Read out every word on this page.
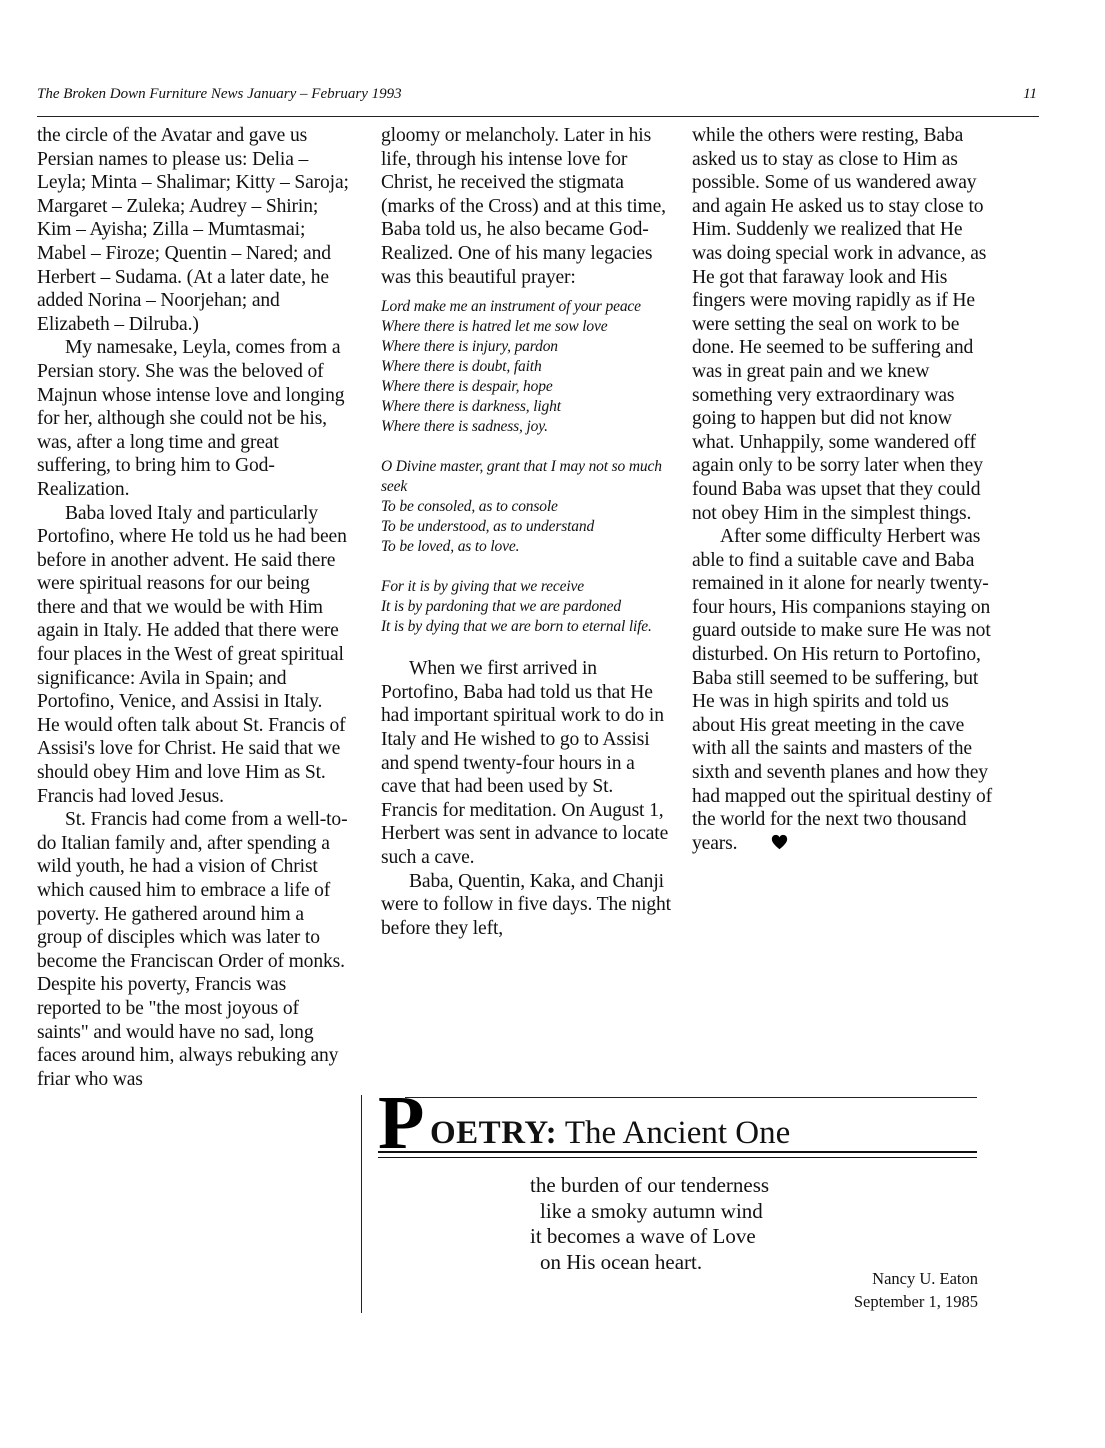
The Broken Down Furniture News January – February 1993	11

the circle of the Avatar and gave us Persian names to please us: Delia – Leyla; Minta – Shalimar; Kitty – Saroja; Margaret – Zuleka; Audrey – Shirin; Kim – Ayisha; Zilla – Mumtasmai; Mabel – Firoze; Quentin – Nared; and Herbert – Sudama. (At a later date, he added Norina – Noorjehan; and Elizabeth – Dilruba.)

My namesake, Leyla, comes from a Persian story. She was the beloved of Majnun whose intense love and longing for her, although she could not be his, was, after a long time and great suffering, to bring him to God-Realization.

Baba loved Italy and particularly Portofino, where He told us he had been before in another advent. He said there were spiritual reasons for our being there and that we would be with Him again in Italy. He added that there were four places in the West of great spiritual significance: Avila in Spain; and Portofino, Venice, and Assisi in Italy. He would often talk about St. Francis of Assisi's love for Christ. He said that we should obey Him and love Him as St. Francis had loved Jesus.

St. Francis had come from a well-to-do Italian family and, after spending a wild youth, he had a vision of Christ which caused him to embrace a life of poverty. He gathered around him a group of disciples which was later to become the Franciscan Order of monks. Despite his poverty, Francis was reported to be "the most joyous of saints" and would have no sad, long faces around him, always rebuking any friar who was

gloomy or melancholy. Later in his life, through his intense love for Christ, he received the stigmata (marks of the Cross) and at this time, Baba told us, he also became God-Realized. One of his many legacies was this beautiful prayer:

Lord make me an instrument of your peace
Where there is hatred let me sow love
Where there is injury, pardon
Where there is doubt, faith
Where there is despair, hope
Where there is darkness, light
Where there is sadness, joy.
O Divine master, grant that I may not so much seek
To be consoled, as to console
To be understood, as to understand
To be loved, as to love.
For it is by giving that we receive
It is by pardoning that we are pardoned
It is by dying that we are born to eternal life.

When we first arrived in Portofino, Baba had told us that He had important spiritual work to do in Italy and He wished to go to Assisi and spend twenty-four hours in a cave that had been used by St. Francis for meditation. On August 1, Herbert was sent in advance to locate such a cave.

Baba, Quentin, Kaka, and Chanji were to follow in five days. The night before they left,

while the others were resting, Baba asked us to stay as close to Him as possible. Some of us wandered away and again He asked us to stay close to Him. Suddenly we realized that He was doing special work in advance, as He got that faraway look and His fingers were moving rapidly as if He were setting the seal on work to be done. He seemed to be suffering and was in great pain and we knew something very extraordinary was going to happen but did not know what. Unhappily, some wandered off again only to be sorry later when they found Baba was upset that they could not obey Him in the simplest things.

After some difficulty Herbert was able to find a suitable cave and Baba remained in it alone for nearly twenty-four hours, His companions staying on guard outside to make sure He was not disturbed. On His return to Portofino, Baba still seemed to be suffering, but He was in high spirits and told us about His great meeting in the cave with all the saints and masters of the sixth and seventh planes and how they had mapped out the spiritual destiny of the world for the next two thousand years.

P OETRY: The Ancient One
the burden of our tenderness
like a smoky autumn wind
it becomes a wave of Love
on His ocean heart.
Nancy U. Eaton
September 1, 1985
